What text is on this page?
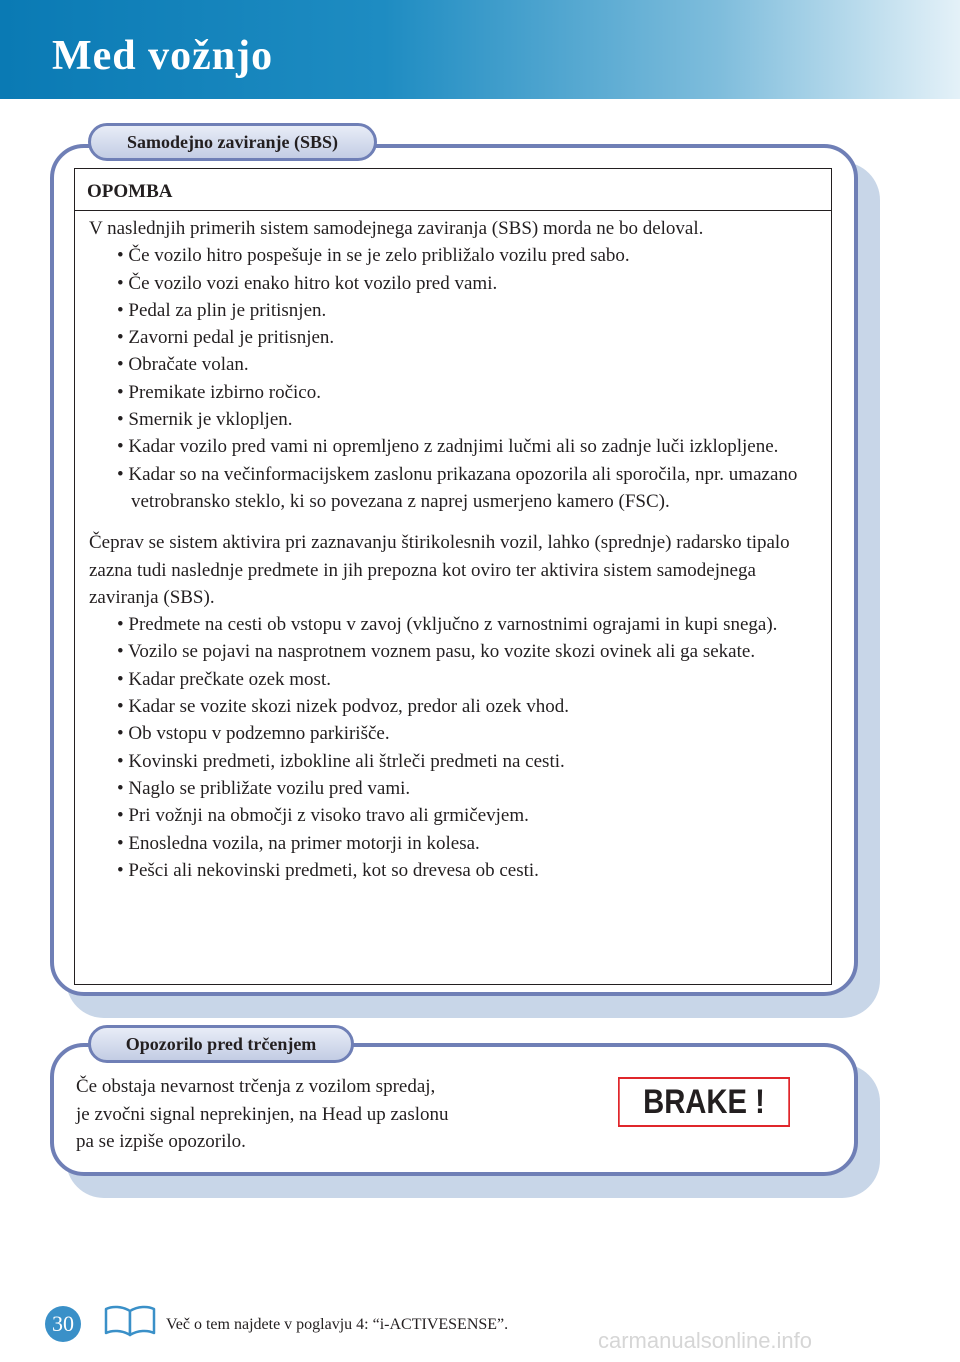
Med vožnjo
Samodejno zaviranje (SBS)
OPOMBA
V naslednjih primerih sistem samodejnega zaviranja (SBS) morda ne bo deloval.
• Če vozilo hitro pospešuje in se je zelo približalo vozilu pred sabo.
• Če vozilo vozi enako hitro kot vozilo pred vami.
• Pedal za plin je pritisnjen.
• Zavorni pedal je pritisnjen.
• Obračate volan.
• Premikate izbirno ročico.
• Smernik je vklopljen.
• Kadar vozilo pred vami ni opremljeno z zadnjimi lučmi ali so zadnje luči izklopljene.
• Kadar so na večinformacijskem zaslonu prikazana opozorila ali sporočila, npr. umazano vetrobransko steklo, ki so povezana z naprej usmerjeno kamero (FSC).
Čeprav se sistem aktivira pri zaznavanju štirikolesnih vozil, lahko (sprednje) radarsko tipalo zazna tudi naslednje predmete in jih prepozna kot oviro ter aktivira sistem samodejnega zaviranja (SBS).
• Predmete na cesti ob vstopu v zavoj (vključno z varnostnimi ograjami in kupi snega).
• Vozilo se pojavi na nasprotnem voznem pasu, ko vozite skozi ovinek ali ga sekate.
• Kadar prečkate ozek most.
• Kadar se vozite skozi nizek podvoz, predor ali ozek vhod.
• Ob vstopu v podzemno parkirišče.
• Kovinski predmeti, izbokline ali štrleči predmeti na cesti.
• Naglo se približate vozilu pred vami.
• Pri vožnji na območji z visoko travo ali grmičevjem.
• Enosledna vozila, na primer motorji in kolesa.
• Pešci ali nekovinski predmeti, kot so drevesa ob cesti.
Opozorilo pred trčenjem
Če obstaja nevarnost trčenja z vozilom spredaj,
je zvočni signal neprekinjen, na Head up zaslonu
pa se izpiše opozorilo.
BRAKE !
30	Več o tem najdete v poglavju 4: “i-ACTIVESENSE”.
carmanualsonline.info
